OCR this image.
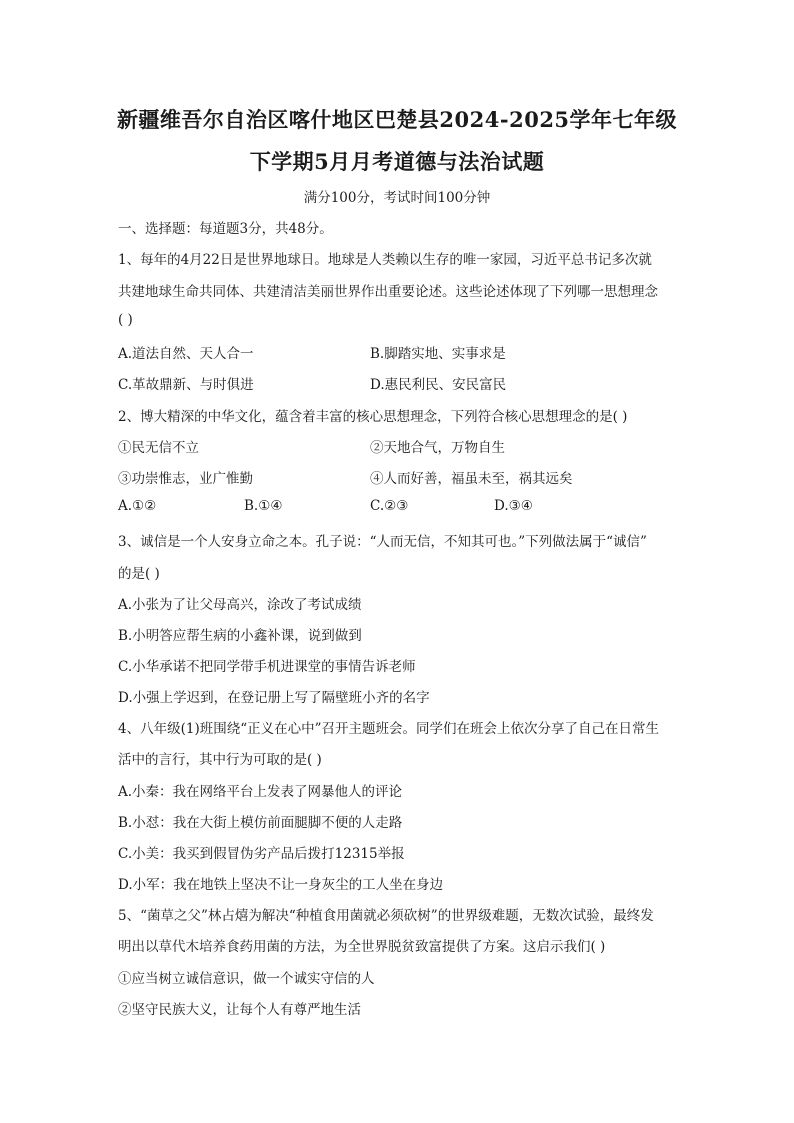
新疆维吾尔自治区喀什地区巴楚县2024-2025学年七年级
下学期5月月考道德与法治试题
满分100分，考试时间100分钟
一、选择题：每道题3分，共48分。
1、每年的4月22日是世界地球日。地球是人类赖以生存的唯一家园，习近平总书记多次就
共建地球生命共同体、共建清洁美丽世界作出重要论述。这些论述体现了下列哪一思想理念
( )
A.道法自然、天人合一	B.脚踏实地、实事求是
C.革故鼎新、与时俱进	D.惠民利民、安民富民
2、博大精深的中华文化，蕴含着丰富的核心思想理念，下列符合核心思想理念的是( )
①民无信不立	②天地合气，万物自生
③功崇惟志，业广惟勤	④人而好善，福虽未至，祸其远矣
A.①②	B.①④	C.②③	D.③④
3、诚信是一个人安身立命之本。孔子说：“人而无信，不知其可也。”下列做法属于“诚信”
的是( )
A.小张为了让父母高兴，涂改了考试成绩
B.小明答应帮生病的小鑫补课，说到做到
C.小华承诺不把同学带手机进课堂的事情告诉老师
D.小强上学迟到，在登记册上写了隔壁班小齐的名字
4、八年级(1)班围绕“正义在心中”召开主题班会。同学们在班会上依次分享了自己在日常生
活中的言行，其中行为可取的是( )
A.小秦：我在网络平台上发表了网暴他人的评论
B.小怼：我在大街上模仿前面腿脚不便的人走路
C.小美：我买到假冒伪劣产品后拨打12315举报
D.小军：我在地铁上坚决不让一身灰尘的工人坐在身边
5、“菌草之父”林占熺为解决“种植食用菌就必须砍树”的世界级难题，无数次试验，最终发
明出以草代木培养食药用菌的方法，为全世界脱贫致富提供了方案。这启示我们( )
①应当树立诚信意识，做一个诚实守信的人
②坚守民族大义，让每个人有尊严地生活
